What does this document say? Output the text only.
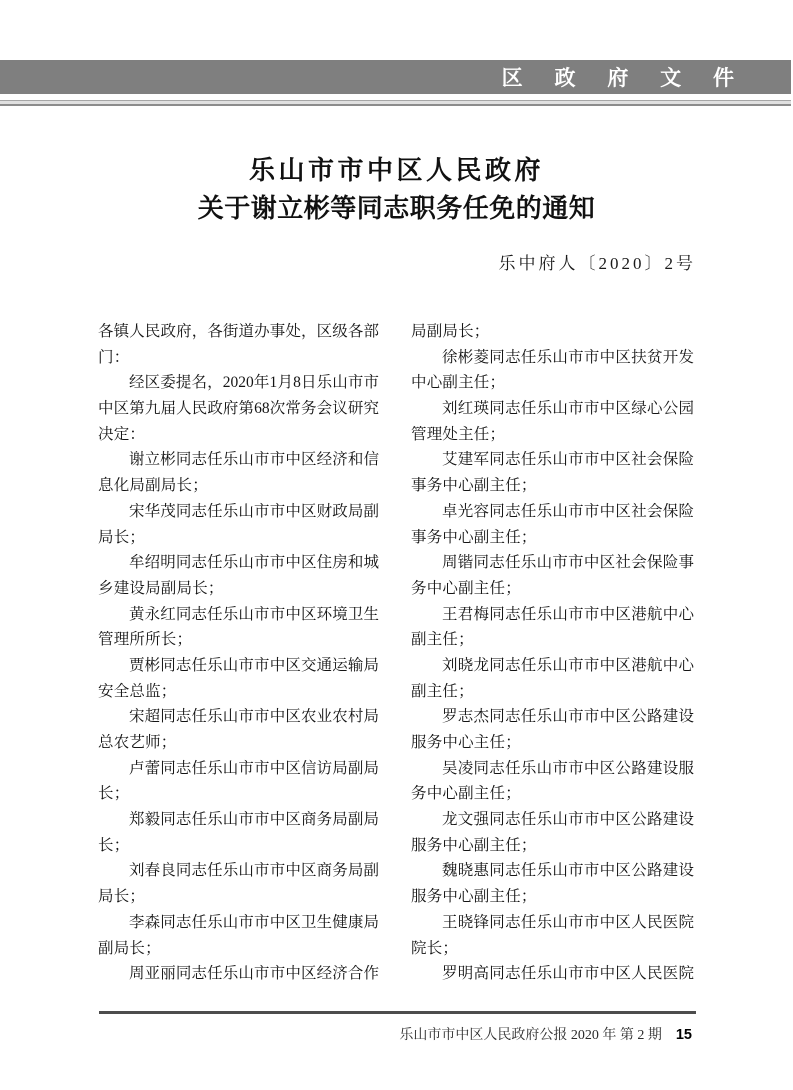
区 政 府 文 件
乐山市市中区人民政府
关于谢立彬等同志职务任免的通知
乐中府人〔2020〕2号
各镇人民政府，各街道办事处，区级各部
门：
经区委提名，2020年1月8日乐山市市
中区第九届人民政府第68次常务会议研究
决定：
谢立彬同志任乐山市市中区经济和信
息化局副局长；
宋华茂同志任乐山市市中区财政局副
局长；
牟绍明同志任乐山市市中区住房和城
乡建设局副局长；
黄永红同志任乐山市市中区环境卫生
管理所所长；
贾彬同志任乐山市市中区交通运输局
安全总监；
宋超同志任乐山市市中区农业农村局
总农艺师；
卢蕾同志任乐山市市中区信访局副局
长；
郑毅同志任乐山市市中区商务局副局
长；
刘春良同志任乐山市市中区商务局副
局长；
李森同志任乐山市市中区卫生健康局
副局长；
周亚丽同志任乐山市市中区经济合作
局副局长；
徐彬菱同志任乐山市市中区扶贫开发
中心副主任；
刘红瑛同志任乐山市市中区绿心公园
管理处主任；
艾建军同志任乐山市市中区社会保险
事务中心副主任；
卓光容同志任乐山市市中区社会保险
事务中心副主任；
周锴同志任乐山市市中区社会保险事
务中心副主任；
王君梅同志任乐山市市中区港航中心
副主任；
刘晓龙同志任乐山市市中区港航中心
副主任；
罗志杰同志任乐山市市中区公路建设
服务中心主任；
吴凌同志任乐山市市中区公路建设服
务中心副主任；
龙文强同志任乐山市市中区公路建设
服务中心副主任；
魏晓惠同志任乐山市市中区公路建设
服务中心副主任；
王晓锋同志任乐山市市中区人民医院
院长；
罗明高同志任乐山市市中区人民医院
乐山市市中区人民政府公报 2020 年 第 2 期 15
